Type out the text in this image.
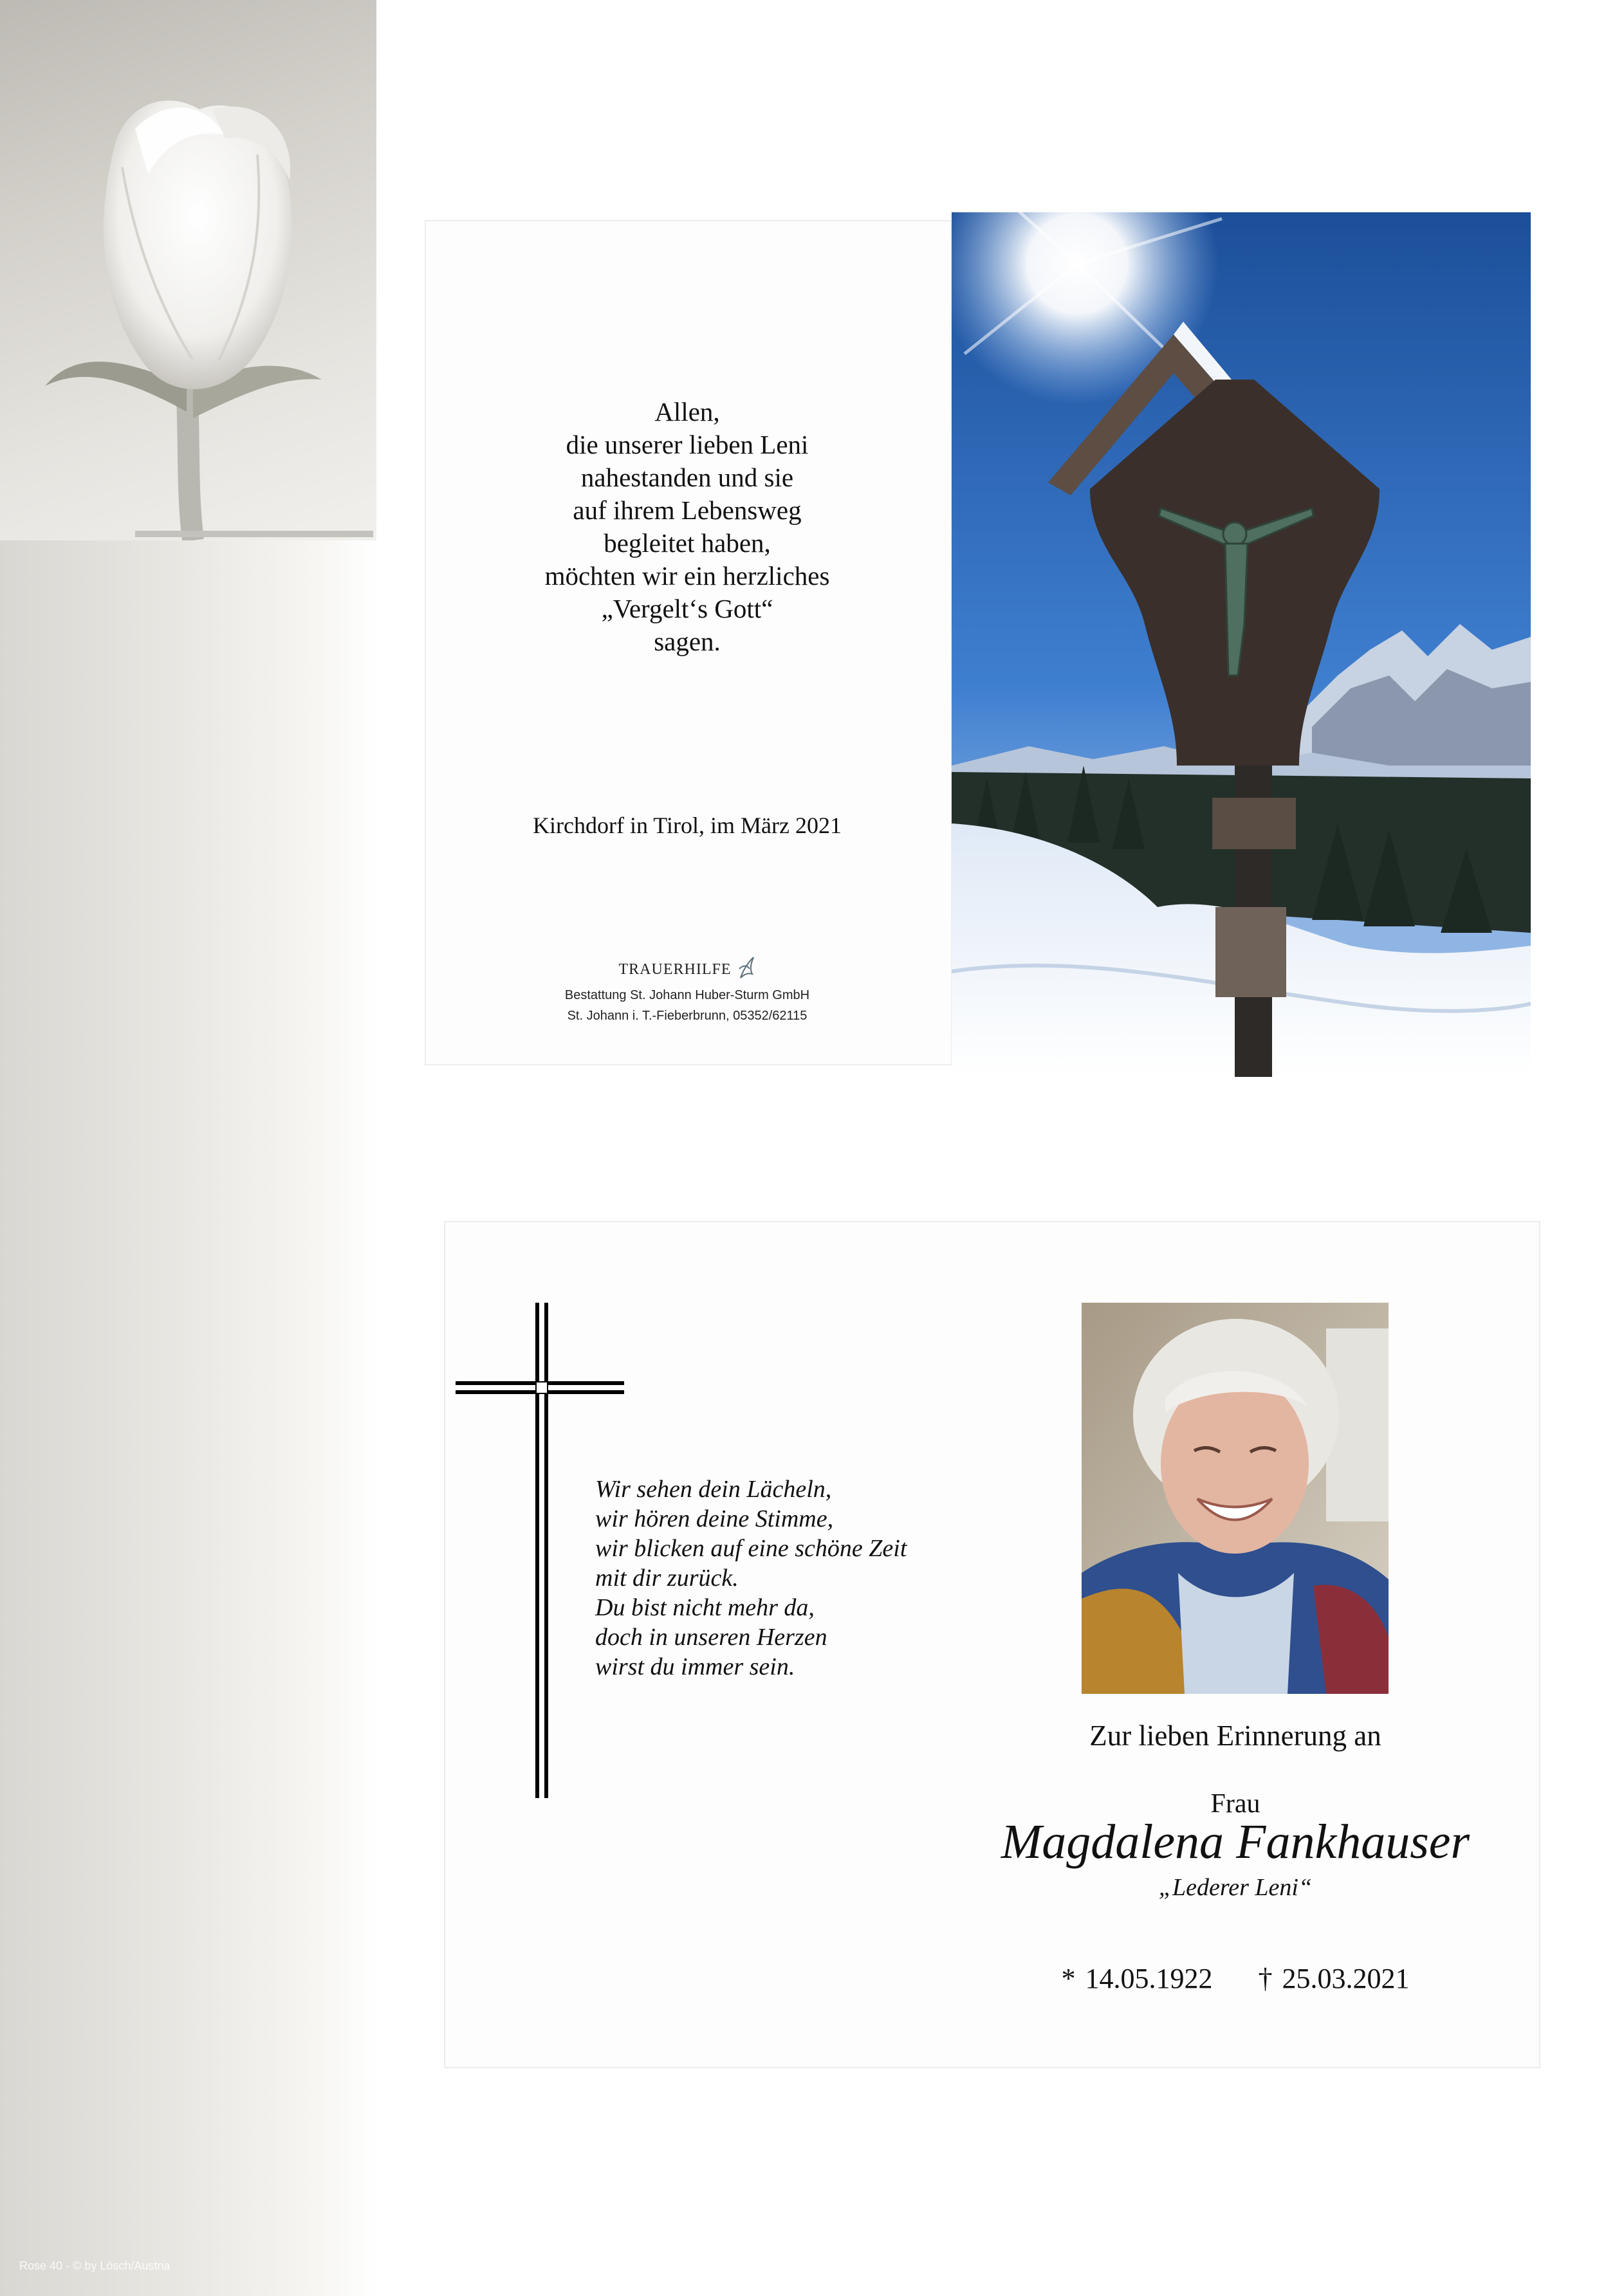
Rose 40 - © by Lösch/Austria
Allen,
die unserer lieben Leni
nahestanden und sie
auf ihrem Lebensweg
begleitet haben,
möchten wir ein herzliches
„Vergelt‘s Gott“
sagen.
Kirchdorf in Tirol, im März 2021
TRAUERHILFE
Bestattung St. Johann Huber-Sturm GmbH
St. Johann i. T.-Fieberbrunn, 05352/62115
Wir sehen dein Lächeln,
wir hören deine Stimme,
wir blicken auf eine schöne Zeit
mit dir zurück.
Du bist nicht mehr da,
doch in unseren Herzen
wirst du immer sein.
Zur lieben Erinnerung an
Frau
Magdalena Fankhauser
„Lederer Leni“
* 14.05.1922 † 25.03.2021
